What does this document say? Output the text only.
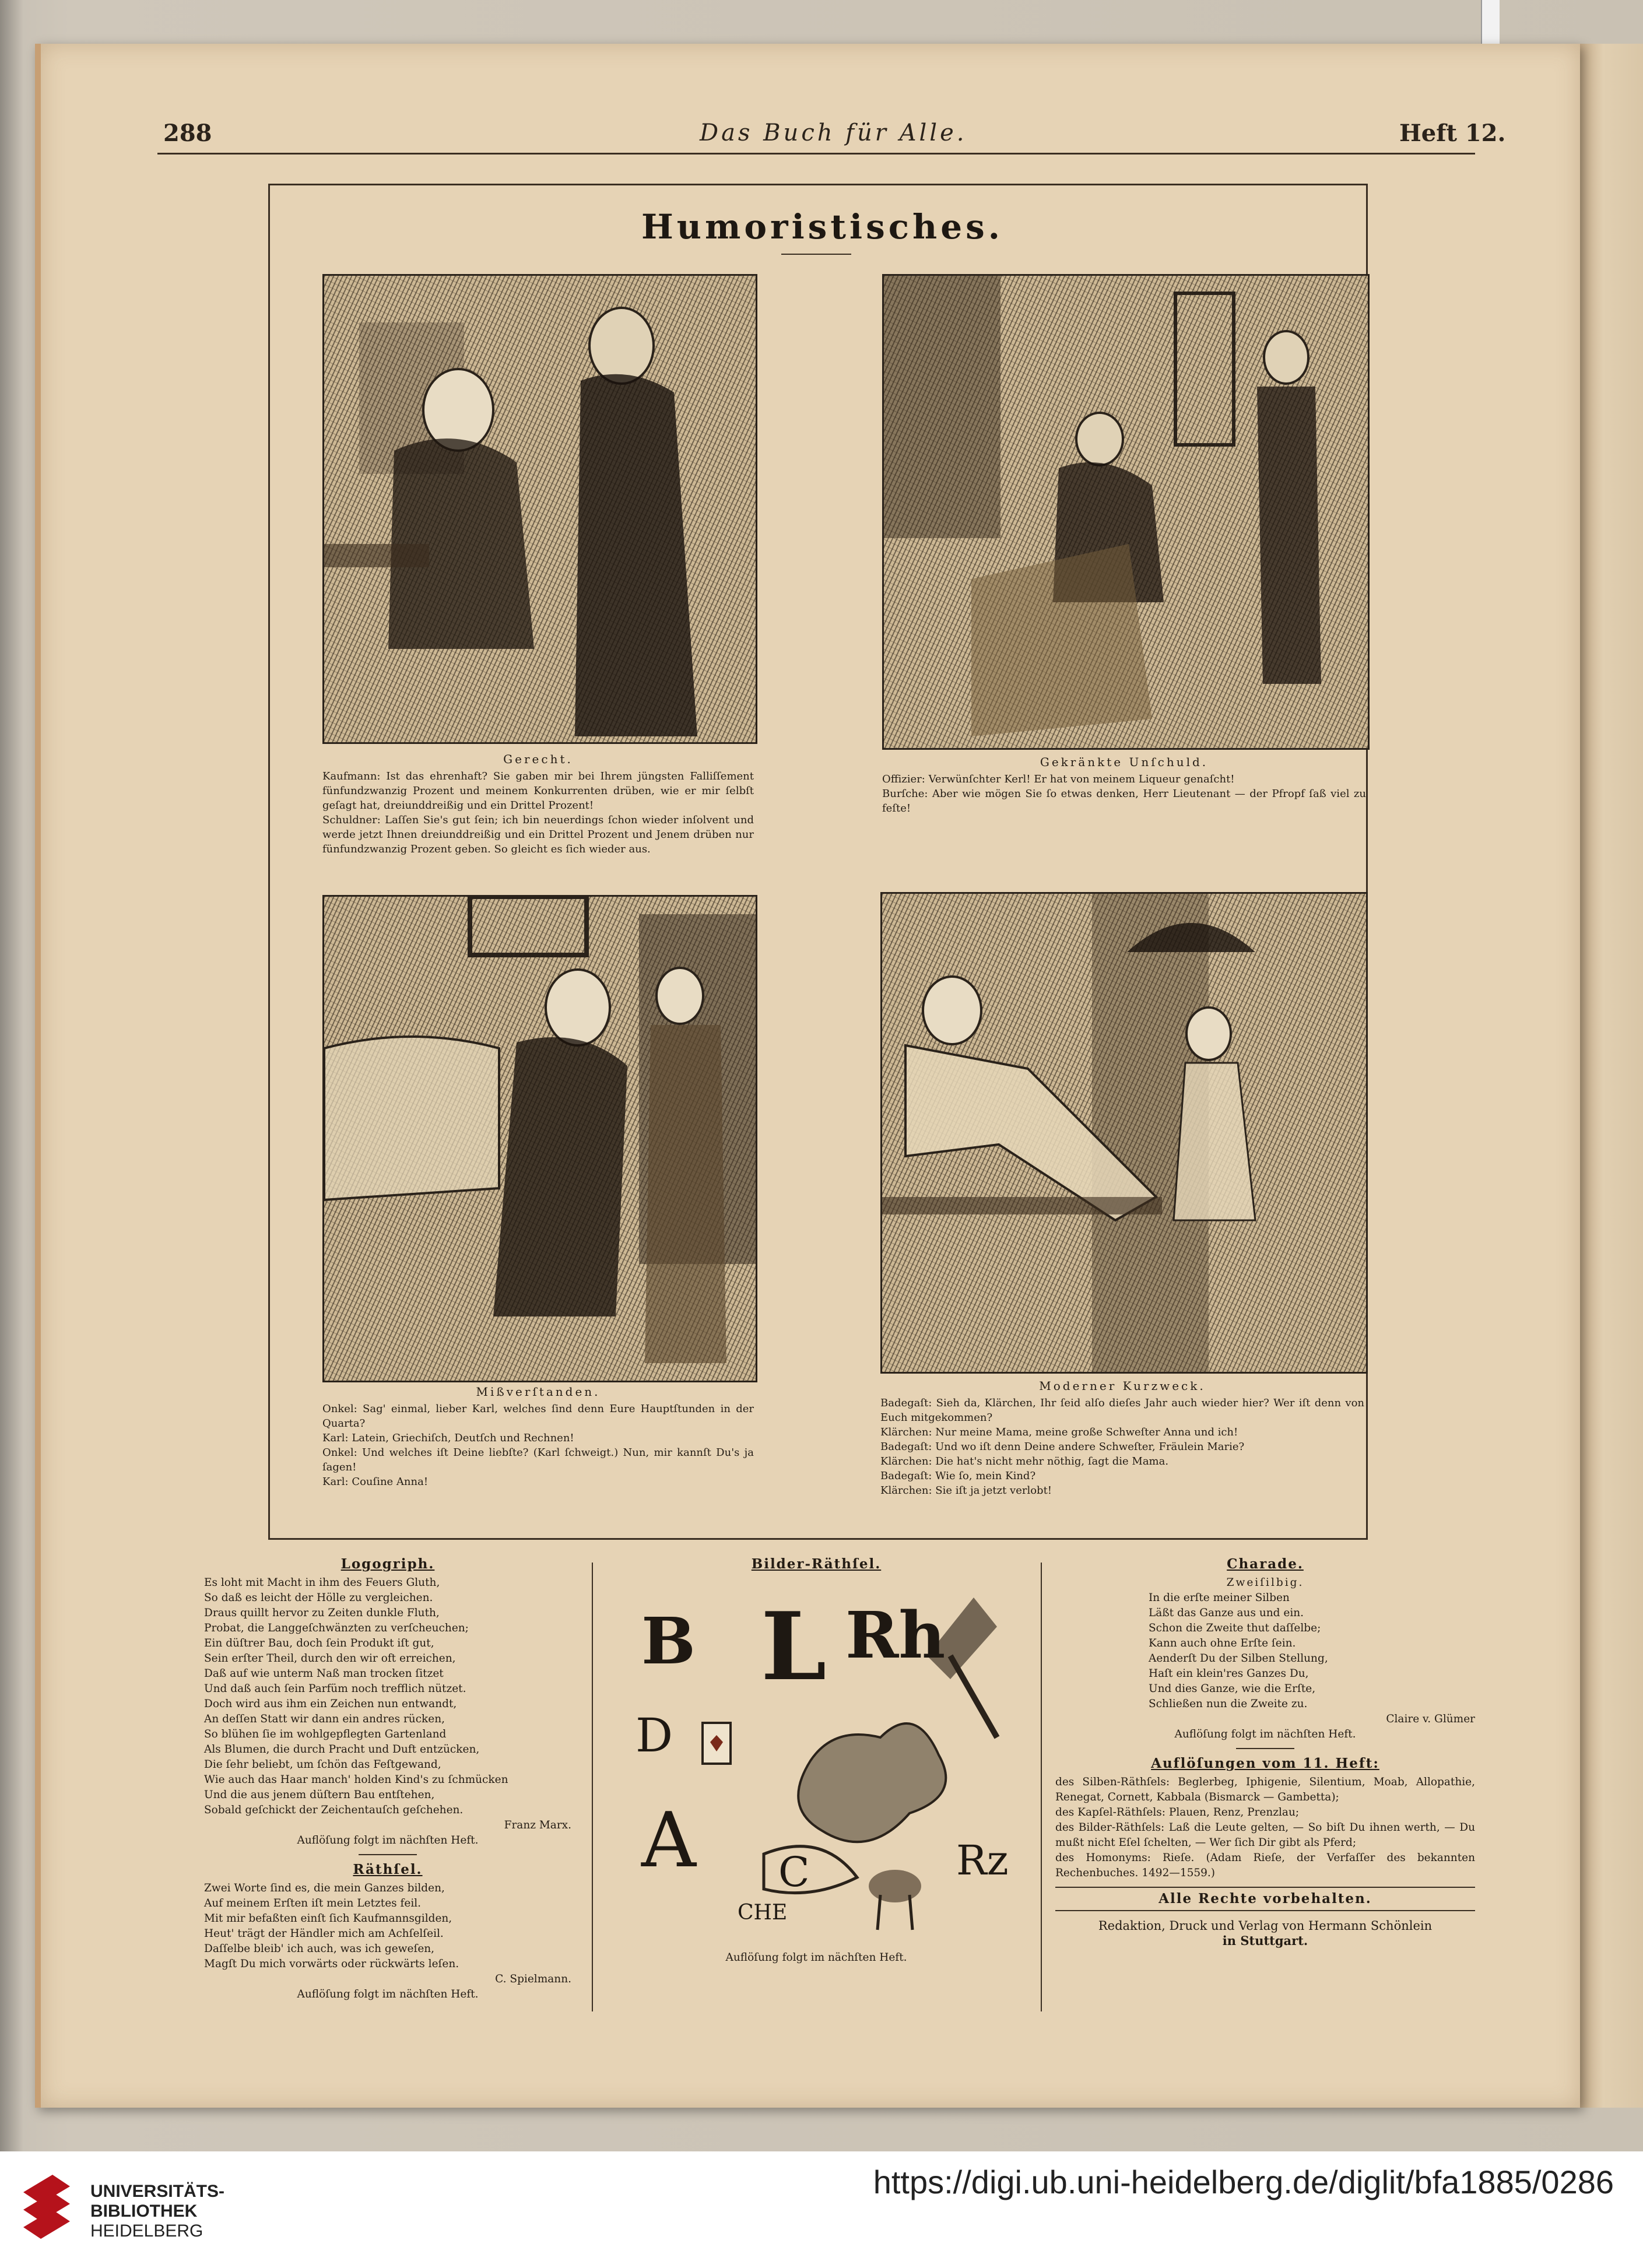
288	Das Buch für Alle.	Heft 12.
Humoristisches.
Gerecht.

Kaufmann: Ist das ehrenhaft? Sie gaben mir bei Ihrem jüngsten Falliſſement fünfundzwanzig Prozent und meinem Konkurrenten drüben, wie er mir ſelbſt geſagt hat, dreiunddreißig und ein Drittel Prozent!

Schuldner: Laſſen Sie's gut ſein; ich bin neuerdings ſchon wieder inſolvent und werde jetzt Ihnen dreiunddreißig und ein Drittel Prozent und Jenem drüben nur fünfundzwanzig Prozent geben. So gleicht es ſich wieder aus.

Gekränkte Unſchuld.

Offizier: Verwünſchter Kerl! Er hat von meinem Liqueur genaſcht!

Burſche: Aber wie mögen Sie ſo etwas denken, Herr Lieutenant — der Pfropf ſaß viel zu feſte!

Mißverſtanden.

Onkel: Sag' einmal, lieber Karl, welches ſind denn Eure Hauptſtunden in der Quarta?

Karl: Latein, Griechiſch, Deutſch und Rechnen!

Onkel: Und welches iſt Deine liebſte? (Karl ſchweigt.) Nun, mir kannſt Du's ja ſagen!

Karl: Couſine Anna!

Moderner Kurzweck.

Badegaſt: Sieh da, Klärchen, Ihr ſeid alſo dieſes Jahr auch wieder hier? Wer iſt denn von Euch mitgekommen?

Klärchen: Nur meine Mama, meine große Schweſter Anna und ich!

Badegaſt: Und wo iſt denn Deine andere Schweſter, Fräulein Marie?

Klärchen: Die hat's nicht mehr nöthig, ſagt die Mama.

Badegaſt: Wie ſo, mein Kind?

Klärchen: Sie iſt ja jetzt verlobt!

Logogriph.

Es loht mit Macht in ihm des Feuers Gluth,

So daß es leicht der Hölle zu vergleichen.

Draus quillt hervor zu Zeiten dunkle Fluth,

Probat, die Langgeſchwänzten zu verſcheuchen;

Ein düſtrer Bau, doch ſein Produkt iſt gut,

Sein erſter Theil, durch den wir oft erreichen,

Daß auf wie unterm Naß man trocken ſitzet

Und daß auch ſein Parfüm noch trefflich nützet.

Doch wird aus ihm ein Zeichen nun entwandt,

An deſſen Statt wir dann ein andres rücken,

So blühen ſie im wohlgepflegten Gartenland

Als Blumen, die durch Pracht und Duft entzücken,

Die ſehr beliebt, um ſchön das Feſtgewand,

Wie auch das Haar manch' holden Kind's zu ſchmücken

Und die aus jenem düſtern Bau entſtehen,

Sobald geſchickt der Zeichentauſch geſchehen.

Franz Marx.

Auflöſung folgt im nächſten Heft.

Räthſel.

Zwei Worte ſind es, die mein Ganzes bilden,

Auf meinem Erſten iſt mein Letztes feil.

Mit mir befaßten einſt ſich Kaufmannsgilden,

Heut' trägt der Händler mich am Achſelſeil.

Daſſelbe bleib' ich auch, was ich geweſen,

Magſt Du mich vorwärts oder rückwärts leſen.

C. Spielmann.

Auflöſung folgt im nächſten Heft.

Bilder-Räthſel.
B L Rh
D
A C	Rz
CHE

Auflöſung folgt im nächſten Heft.

Charade.

Zweiſilbig.

In die erſte meiner Silben

Läßt das Ganze aus und ein.

Schon die Zweite thut daſſelbe;

Kann auch ohne Erſte ſein.

Aenderſt Du der Silben Stellung,

Haſt ein klein'res Ganzes Du,

Und dies Ganze, wie die Erſte,

Schließen nun die Zweite zu.

Claire v. Glümer

Auflöſung folgt im nächſten Heft.

Auflöſungen vom 11. Heft:

des Silben-Räthſels: Beglerbeg, Iphigenie, Silentium, Moab, Allopathie, Renegat, Cornett, Kabbala (Bismarck — Gambetta);

des Kapſel-Räthſels: Plauen, Renz, Prenzlau;

des Bilder-Räthſels: Laß die Leute gelten, — So biſt Du ihnen werth, — Du mußt nicht Eſel ſchelten, — Wer ſich Dir gibt als Pferd;

des Homonyms: Rieſe. (Adam Rieſe, der Verfaſſer des bekannten Rechenbuches. 1492—1559.)

Alle Rechte vorbehalten.

Redaktion, Druck und Verlag von Hermann Schönlein

in Stuttgart.

UNIVERSITÄTS-
BIBLIOTHEK
HEIDELBERG
https://digi.ub.uni-heidelberg.de/diglit/bfa1885/0286
